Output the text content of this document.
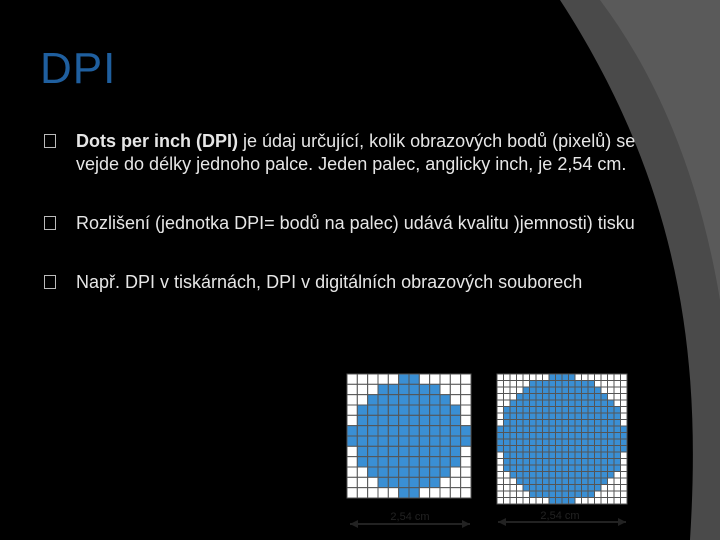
DPI
Dots per inch (DPI) je údaj určující, kolik obrazových bodů (pixelů) se vejde do délky jednoho palce. Jeden palec, anglicky inch, je 2,54 cm.
Rozlišení (jednotka DPI= bodů na palec) udává kvalitu )jemnosti) tisku
Např. DPI v tiskárnách, DPI v digitálních obrazových souborech
2,54 cm	2,54 cm
